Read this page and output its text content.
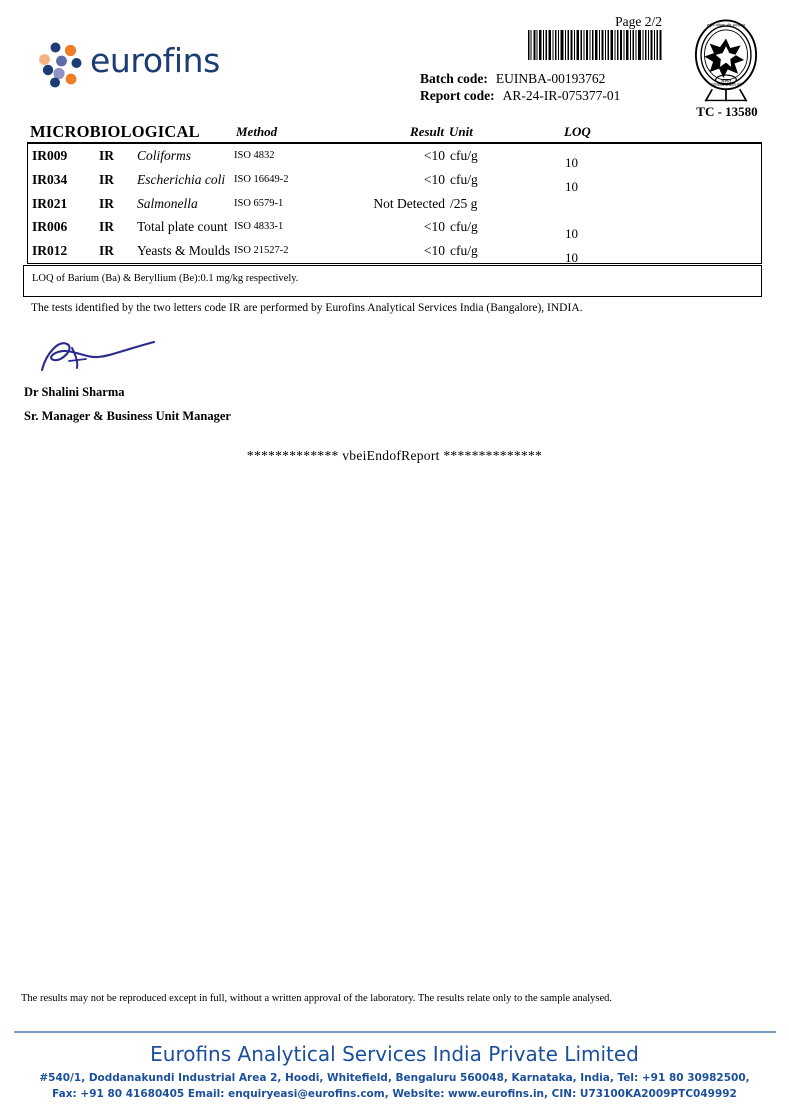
eurofins
Page 2/2
Batch code: EUINBA-00193762
Report code: AR-24-IR-075377-01
राष्ट्रीय परीक्षण और अंशशोधन
प्रयोगशाला प्रत्यायन बोर्ड
भारत
TC - 13580
MICROBIOLOGICAL	Method	Result Unit	LOQ
IR009 IR Coliforms	ISO 4832	<10 cfu/g	10
IR034 IR Escherichia coli ISO 16649-2	<10 cfu/g	10
IR021 IR Salmonella	ISO 6579-1	Not Detected /25 g
IR006 IR Total plate count ISO 4833-1	<10 cfu/g	10
IR012 IR Yeasts & Moulds ISO 21527-2	<10 cfu/g	10
LOQ of Barium (Ba) & Beryllium (Be):0.1 mg/kg respectively.
The tests identified by the two letters code IR are performed by Eurofins Analytical Services India (Bangalore), INDIA.
Dr Shalini Sharma
Sr. Manager & Business Unit Manager
************* vbeiEndofReport **************
The results may not be reproduced except in full, without a written approval of the laboratory. The results relate only to the sample analysed.
Eurofins Analytical Services India Private Limited
#540/1, Doddanakundi Industrial Area 2, Hoodi, Whitefield, Bengaluru 560048, Karnataka, India, Tel: +91 80 30982500,
Fax: +91 80 41680405 Email: enquiryeasi@eurofins.com, Website: www.eurofins.in, CIN: U73100KA2009PTC049992
